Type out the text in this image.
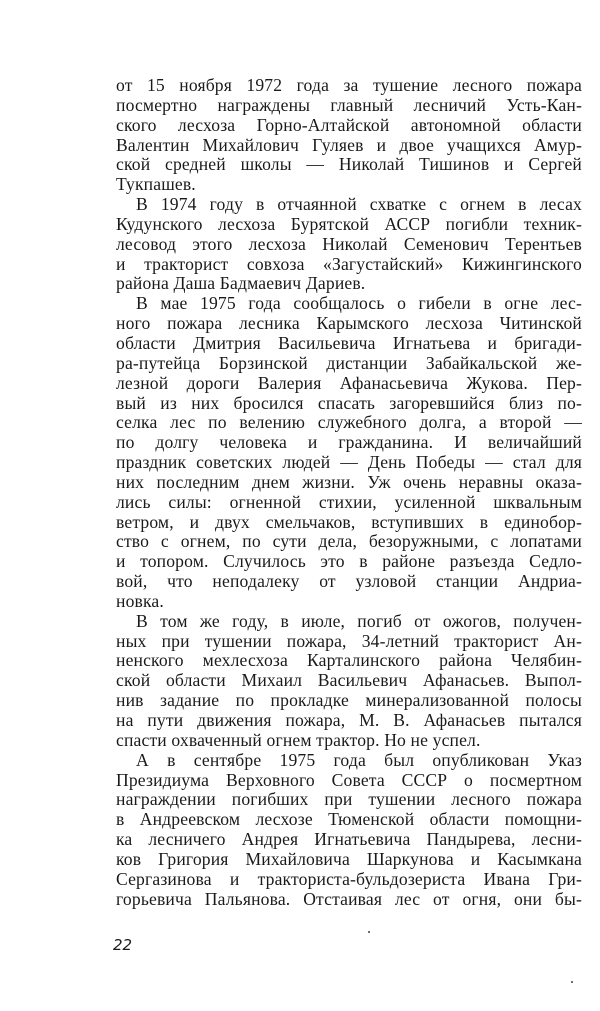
от 15 ноября 1972 года за тушение лесного пожара
посмертно награждены главный лесничий Усть-Кан-
ского лесхоза Горно-Алтайской автономной области
Валентин Михайлович Гуляев и двое учащихся Амур-
ской средней школы — Николай Тишинов и Сергей
Тукпашев.
В 1974 году в отчаянной схватке с огнем в лесах
Кудунского лесхоза Бурятской АССР погибли техник-
лесовод этого лесхоза Николай Семенович Терентьев
и тракторист совхоза «Загустайский» Кижингинского
района Даша Бадмаевич Дариев.
В мае 1975 года сообщалось о гибели в огне лес-
ного пожара лесника Карымского лесхоза Читинской
области Дмитрия Васильевича Игнатьева и бригади-
ра-путейца Борзинской дистанции Забайкальской же-
лезной дороги Валерия Афанасьевича Жукова. Пер-
вый из них бросился спасать загоревшийся близ по-
селка лес по велению служебного долга, а второй —
по долгу человека и гражданина. И величайший
праздник советских людей — День Победы — стал для
них последним днем жизни. Уж очень неравны оказа-
лись силы: огненной стихии, усиленной шквальным
ветром, и двух смельчаков, вступивших в единобор-
ство с огнем, по сути дела, безоружными, с лопатами
и топором. Случилось это в районе разъезда Седло-
вой, что неподалеку от узловой станции Андриа-
новка.
В том же году, в июле, погиб от ожогов, получен-
ных при тушении пожара, 34-летний тракторист Ан-
ненского мехлесхоза Карталинского района Челябин-
ской области Михаил Васильевич Афанасьев. Выпол-
нив задание по прокладке минерализованной полосы
на пути движения пожара, М. В. Афанасьев пытался
спасти охваченный огнем трактор. Но не успел.
А в сентябре 1975 года был опубликован Указ
Президиума Верховного Совета СССР о посмертном
награждении погибших при тушении лесного пожара
в Андреевском лесхозе Тюменской области помощни-
ка лесничего Андрея Игнатьевича Пандырева, лесни-
ков Григория Михайловича Шаркунова и Касымкана
Сергазинова и тракториста-бульдозериста Ивана Гри-
горьевича Пальянова. Отстаивая лес от огня, они бы-
22
